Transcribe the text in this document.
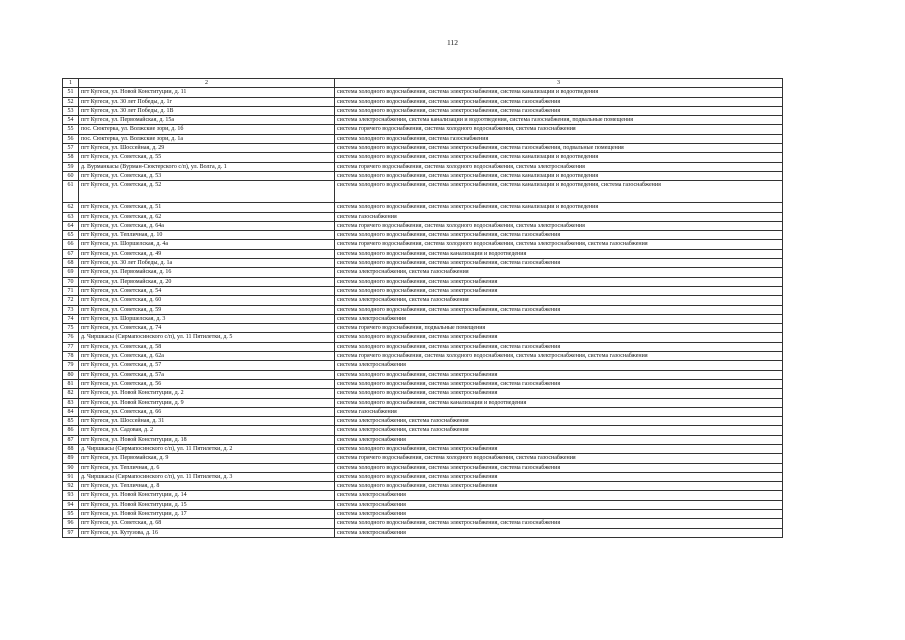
112
1	2	3
51	пгт Кугеси, ул. Новой Конституции, д. 11	система холодного водоснабжения, система электроснабжения, система канализации и водоотведения
52	пгт Кугеси, ул. 30 лет Победы, д. 1г	система холодного водоснабжения, система электроснабжения, система газоснабжения
53	пгт Кугеси, ул. 30 лет Победы, д. 1В	система холодного водоснабжения, система электроснабжения, система газоснабжения
54	пгт Кугеси, ул. Первомайская, д. 15а	система электроснабжения, система канализации и водоотведения, система газоснабжения, подвальные помещения
55	пос. Сюктерка, ул. Волжские зори, д. 1б	система горячего водоснабжения, система холодного водоснабжения, система газоснабжения
56	пос. Сюктерка, ул. Волжские зори, д. 1а	система холодного водоснабжения, система газоснабжения
57	пгт Кугеси, ул. Шоссейная, д. 29	система холодного водоснабжения, система электроснабжения, система газоснабжения, подвальные помещения
58	пгт Кугеси, ул. Советская, д. 55	система холодного водоснабжения, система электроснабжения, система канализации и водоотведения
59	д. Вурманкасы (Вурман-Сюктерского с/п), ул. Волга, д. 1	система горячего водоснабжения, система холодного водоснабжения, система электроснабжения
60	пгт Кугеси, ул. Советская, д. 53	система холодного водоснабжения, система электроснабжения, система канализации и водоотведения
61	пгт Кугеси, ул. Советская, д. 52	система холодного водоснабжения, система электроснабжения, система канализации и водоотведения, система газоснабжения
62	пгт Кугеси, ул. Советская, д. 51	система холодного водоснабжения, система электроснабжения, система канализации и водоотведения
63	пгт Кугеси, ул. Советская, д. 62	система газоснабжения
64	пгт Кугеси, ул. Советская, д. 64а	система горячего водоснабжения, система холодного водоснабжения, система электроснабжения
65	пгт Кугеси, ул. Тепличная, д. 10	система холодного водоснабжения, система электроснабжения, система газоснабжения
66	пгт Кугеси, ул. Шоршелская, д. 4а	система горячего водоснабжения, система холодного водоснабжения, система электроснабжения, система газоснабжения
67	пгт Кугеси, ул. Советская, д. 49	система холодного водоснабжения, система канализации и водоотведения
68	пгт Кугеси, ул. 30 лет Победы, д. 1а	система холодного водоснабжения, система электроснабжения, система газоснабжения
69	пгт Кугеси, ул. Первомайская, д. 16	система электроснабжения, система газоснабжения
70	пгт Кугеси, ул. Первомайская, д. 20	система холодного водоснабжения, система электроснабжения
71	пгт Кугеси, ул. Советская, д. 54	система холодного водоснабжения, система электроснабжения
72	пгт Кугеси, ул. Советская, д. 60	система электроснабжения, система газоснабжения
73	пгт Кугеси, ул. Советская, д. 59	система холодного водоснабжения, система электроснабжения, система газоснабжения
74	пгт Кугеси, ул. Шоршелская, д. 3	система электроснабжения
75	пгт Кугеси, ул. Советская, д. 74	система горячего водоснабжения, подвальные помещения
76	д. Чиршкасы (Сирмапосинского с/п), ул. 11 Пятилетки, д. 5	система холодного водоснабжения, система электроснабжения
77	пгт Кугеси, ул. Советская, д. 58	система холодного водоснабжения, система электроснабжения, система газоснабжения
78	пгт Кугеси, ул. Советская, д. 62а	система горячего водоснабжения, система холодного водоснабжения, система электроснабжения, система газоснабжения
79	пгт Кугеси, ул. Советская, д. 57	система электроснабжения
80	пгт Кугеси, ул. Советская, д. 57а	система холодного водоснабжения, система электроснабжения
81	пгт Кугеси, ул. Советская, д. 56	система холодного водоснабжения, система электроснабжения, система газоснабжения
82	пгт Кугеси, ул. Новой Конституции, д. 2	система холодного водоснабжения, система электроснабжения
83	пгт Кугеси, ул. Новой Конституции, д. 9	система холодного водоснабжения, система канализации и водоотведения
84	пгт Кугеси, ул. Советская, д. 66	система газоснабжения
85	пгт Кугеси, ул. Шоссейная, д. 31	система электроснабжения, система газоснабжения
86	пгт Кугеси, ул. Садовая, д. 2	система электроснабжения, система газоснабжения
87	пгт Кугеси, ул. Новой Конституции, д. 18	система электроснабжения
88	д. Чиршкасы (Сирмапосинского с/п), ул. 11 Пятилетки, д. 2	система холодного водоснабжения, система электроснабжения
89	пгт Кугеси, ул. Первомайская, д. 9	система горячего водоснабжения, система холодного водоснабжения, система газоснабжения
90	пгт Кугеси, ул. Тепличная, д. 6	система холодного водоснабжения, система электроснабжения, система газоснабжения
91	д. Чиршкасы (Сирмапосинского с/п), ул. 11 Пятилетки, д. 3	система холодного водоснабжения, система электроснабжения
92	пгт Кугеси, ул. Тепличная, д. 8	система холодного водоснабжения, система электроснабжения
93	пгт Кугеси, ул. Новой Конституции, д. 14	система электроснабжения
94	пгт Кугеси, ул. Новой Конституции, д. 15	система электроснабжения
95	пгт Кугеси, ул. Новой Конституции, д. 17	система электроснабжения
96	пгт Кугеси, ул. Советская, д. 68	система холодного водоснабжения, система электроснабжения, система газоснабжения
97	пгт Кугеси, ул. Кутузова, д. 16	система электроснабжения
